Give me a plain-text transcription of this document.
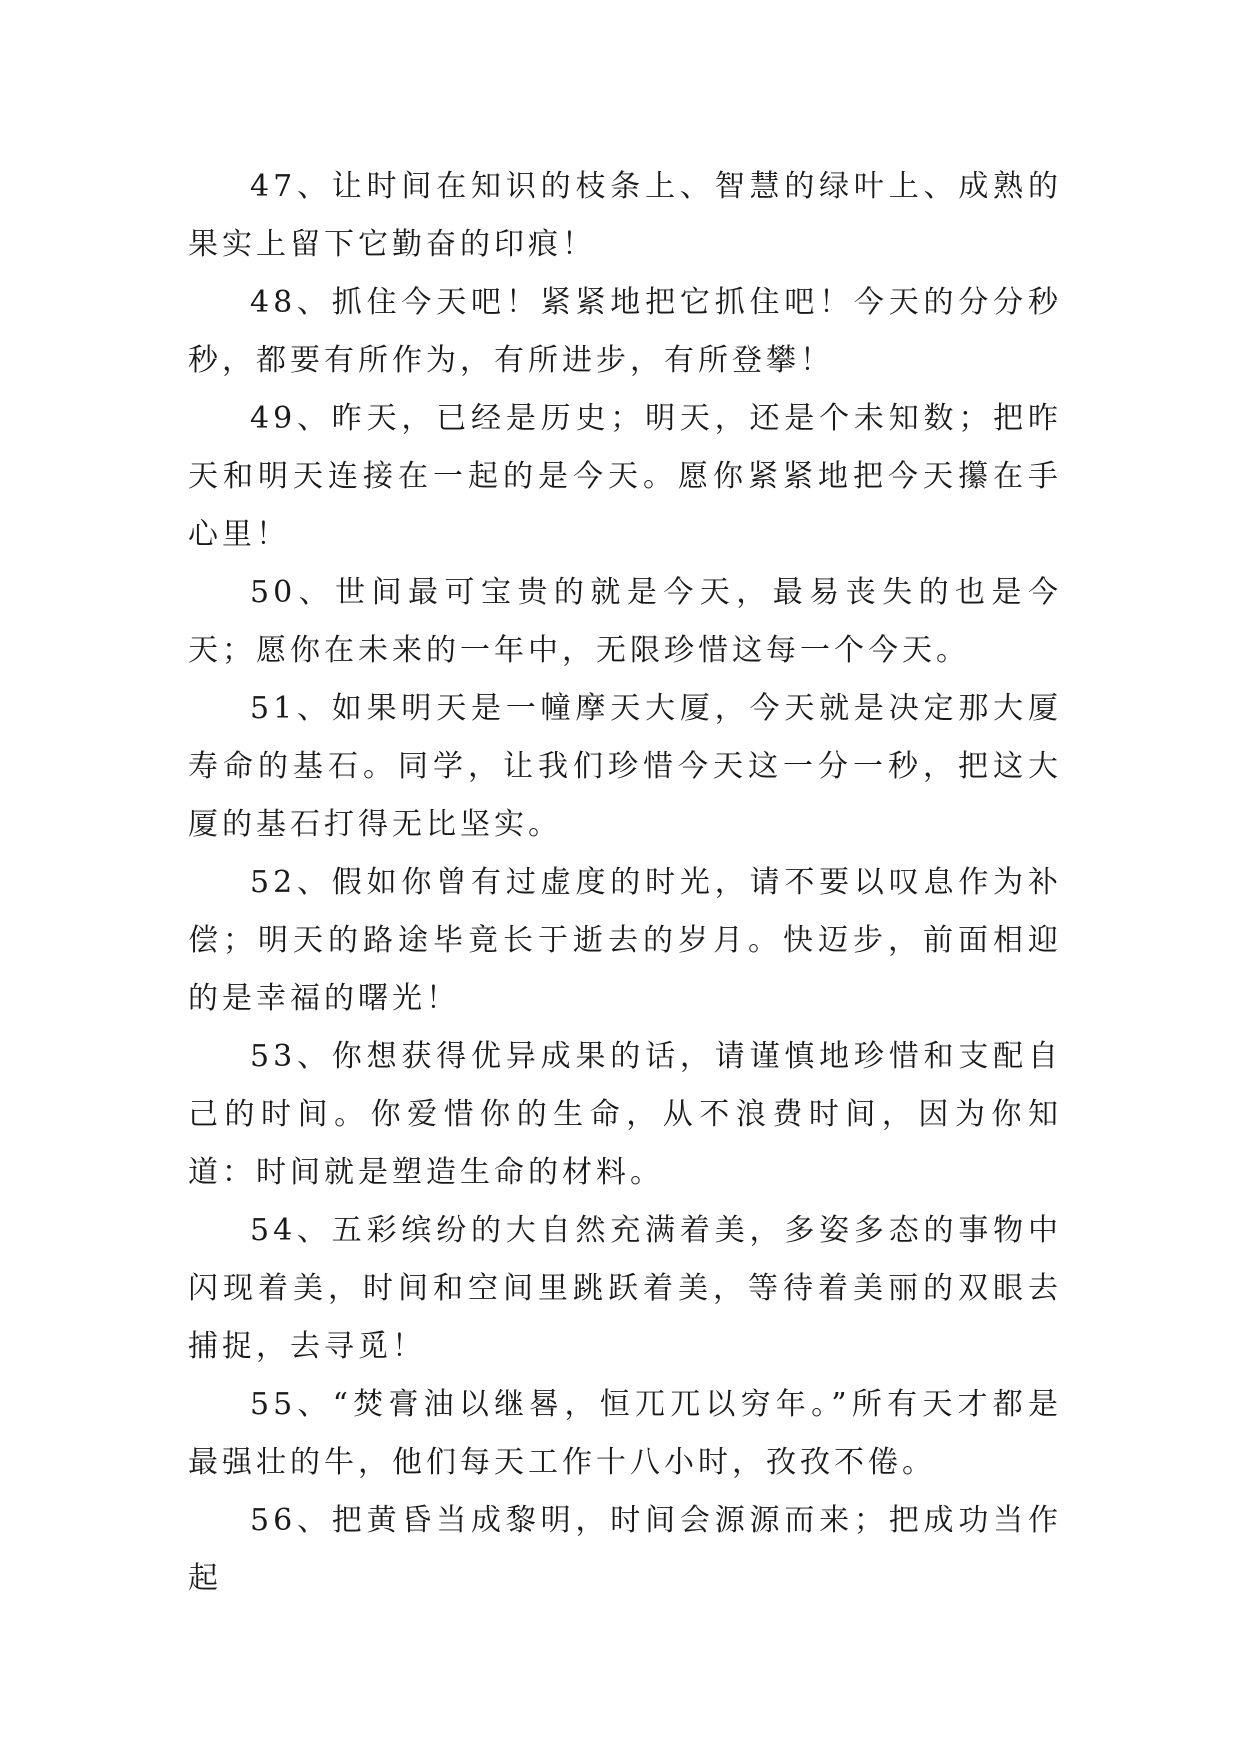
47、让时间在知识的枝条上、智慧的绿叶上、成熟的果实上留下它勤奋的印痕！

48、抓住今天吧！紧紧地把它抓住吧！今天的分分秒秒，都要有所作为，有所进步，有所登攀！

49、昨天，已经是历史；明天，还是个未知数；把昨天和明天连接在一起的是今天。愿你紧紧地把今天攥在手心里！

50、世间最可宝贵的就是今天，最易丧失的也是今天；愿你在未来的一年中，无限珍惜这每一个今天。

51、如果明天是一幢摩天大厦，今天就是决定那大厦寿命的基石。同学，让我们珍惜今天这一分一秒，把这大厦的基石打得无比坚实。

52、假如你曾有过虚度的时光，请不要以叹息作为补偿；明天的路途毕竟长于逝去的岁月。快迈步，前面相迎的是幸福的曙光！

53、你想获得优异成果的话，请谨慎地珍惜和支配自己的时间。你爱惜你的生命，从不浪费时间，因为你知道：时间就是塑造生命的材料。

54、五彩缤纷的大自然充满着美，多姿多态的事物中闪现着美，时间和空间里跳跃着美，等待着美丽的双眼去捕捉，去寻觅！

55、“焚膏油以继晷，恒兀兀以穷年。”所有天才都是最强壮的牛，他们每天工作十八小时，孜孜不倦。

56、把黄昏当成黎明，时间会源源而来；把成功当作起
